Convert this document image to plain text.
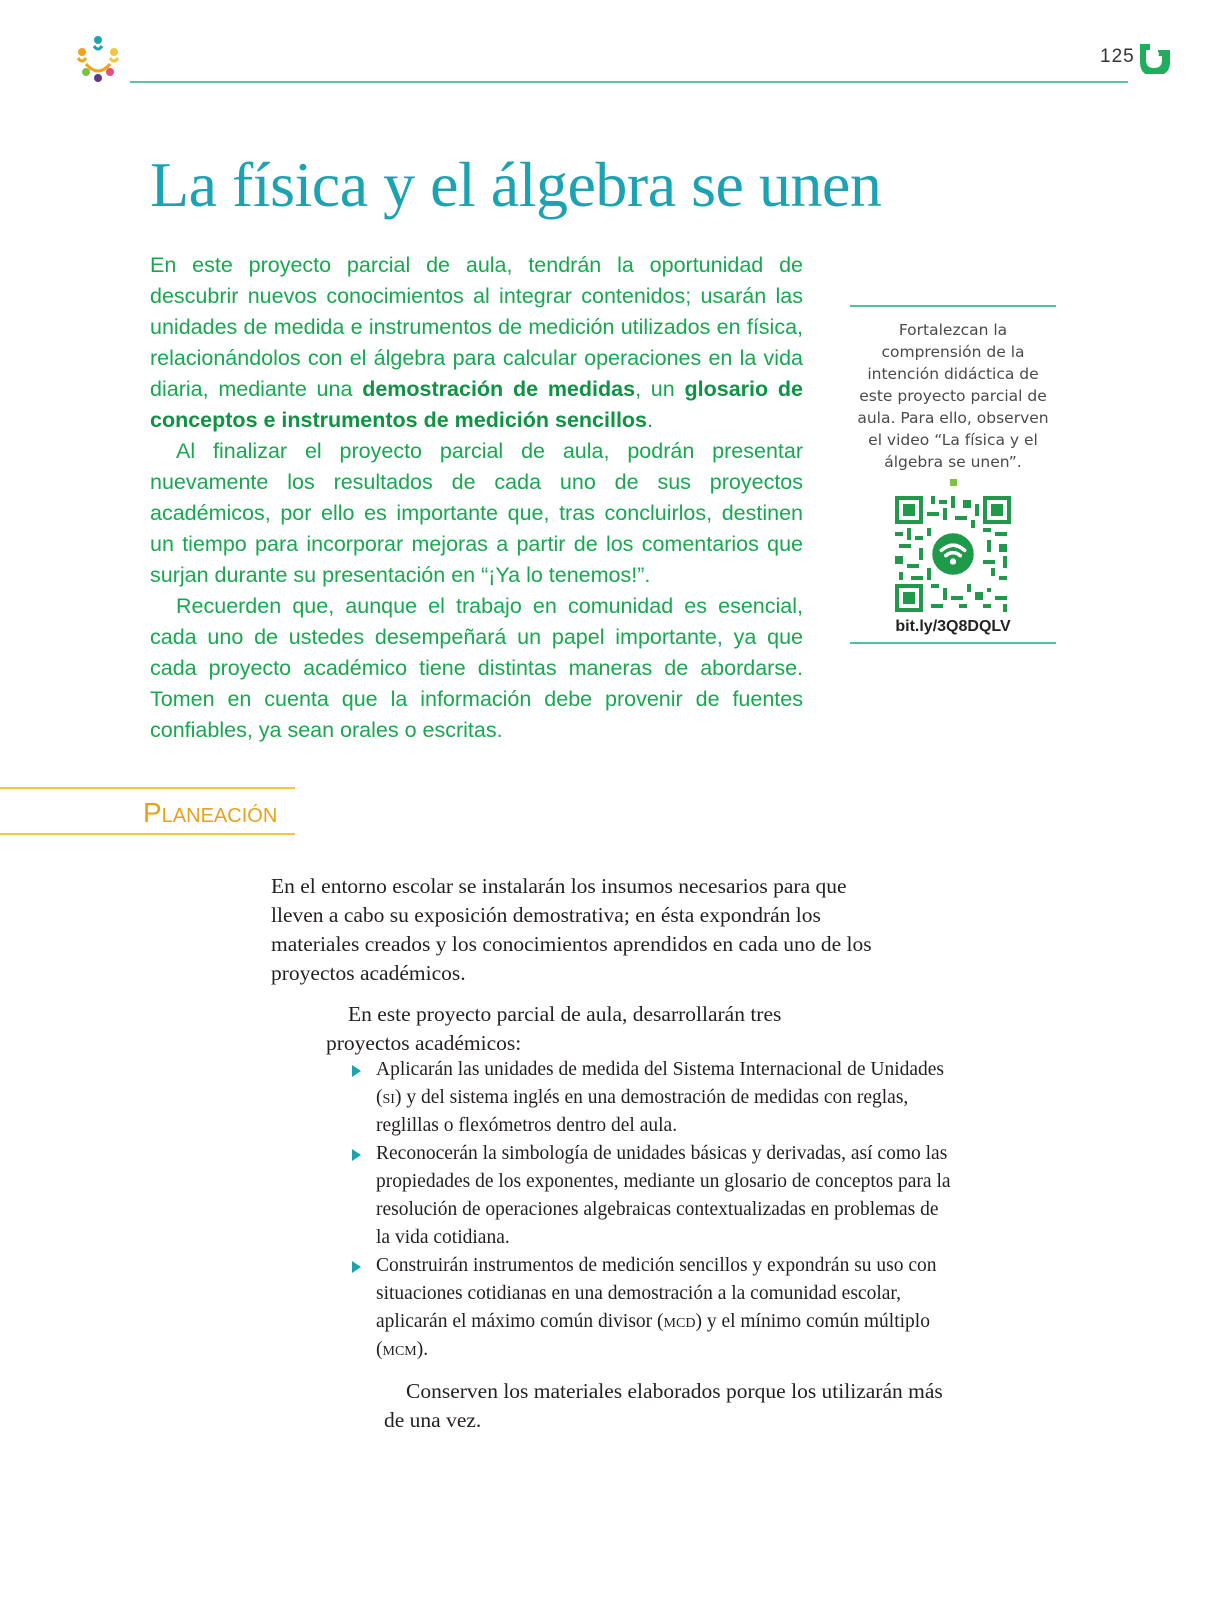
125
La física y el álgebra se unen

En este proyecto parcial de aula, tendrán la oportunidad de descubrir nuevos conocimientos al integrar contenidos; usarán las unidades de medida e instrumentos de medición utilizados en física, relacionándolos con el álgebra para calcular operaciones en la vida diaria, mediante una demostración de medidas, un glosario de conceptos e instrumentos de medición sencillos.

Al finalizar el proyecto parcial de aula, podrán presentar nuevamente los resultados de cada uno de sus proyectos académicos, por ello es importante que, tras concluirlos, destinen un tiempo para incorporar mejoras a partir de los comentarios que surjan durante su presentación en “¡Ya lo tenemos!”.

Recuerden que, aunque el trabajo en comunidad es esencial, cada uno de ustedes desempeñará un papel importante, ya que cada proyecto académico tiene distintas maneras de abordarse. Tomen en cuenta que la información debe provenir de fuentes confiables, ya sean orales o escritas.

Fortalezcan la comprensión de la intención didáctica de este proyecto parcial de aula. Para ello, observen el video “La física y el álgebra se unen”.
bit.ly/3Q8DQLV
Planeación

En el entorno escolar se instalarán los insumos necesarios para que lleven a cabo su exposición demostrativa; en ésta expondrán los materiales creados y los conocimientos aprendidos en cada uno de los proyectos académicos.

En este proyecto parcial de aula, desarrollarán tres proyectos académicos:

Aplicarán las unidades de medida del Sistema Internacional de Unidades (si) y del sistema inglés en una demostración de medidas con reglas, reglillas o flexómetros dentro del aula.
Reconocerán la simbología de unidades básicas y derivadas, así como las propiedades de los exponentes, mediante un glosario de conceptos para la resolución de operaciones algebraicas contextualizadas en problemas de la vida cotidiana.
Construirán instrumentos de medición sencillos y expondrán su uso con situaciones cotidianas en una demostración a la comunidad escolar, aplicarán el máximo común divisor (mcd) y el mínimo común múltiplo (mcm).

Conserven los materiales elaborados porque los utilizarán más de una vez.
